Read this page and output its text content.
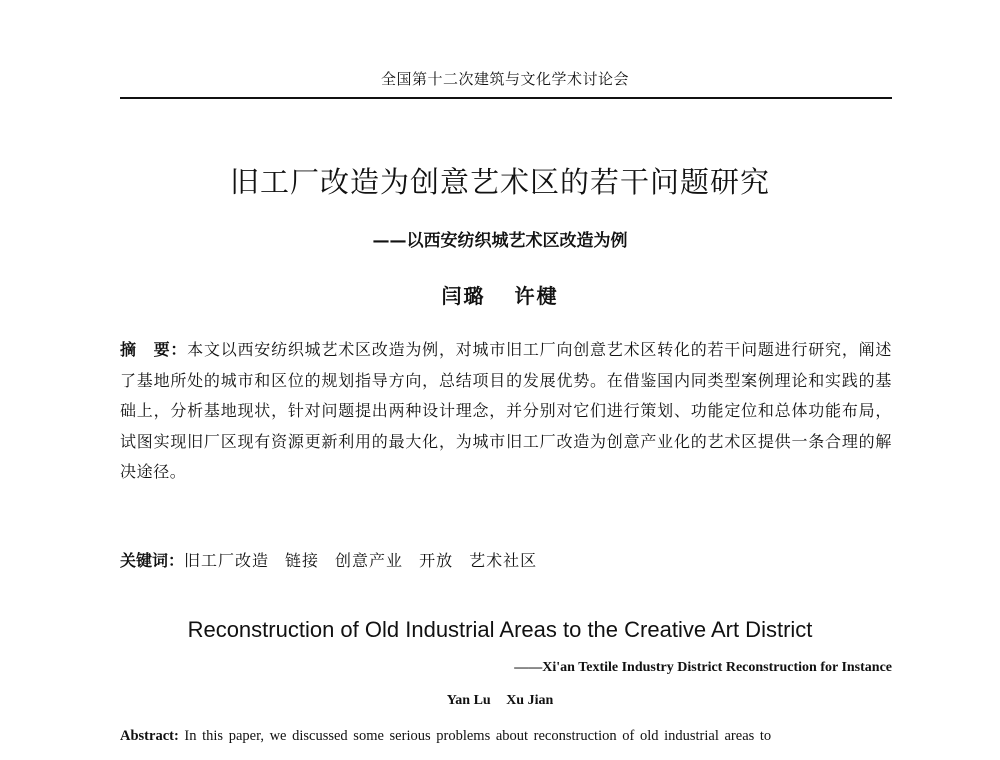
全国第十二次建筑与文化学术讨论会
旧工厂改造为创意艺术区的若干问题研究
——以西安纺织城艺术区改造为例
闫璐 许楗
摘　要：本文以西安纺织城艺术区改造为例，对城市旧工厂向创意艺术区转化的若干问题进行研究，阐述了基地所处的城市和区位的规划指导方向，总结项目的发展优势。在借鉴国内同类型案例理论和实践的基础上，分析基地现状，针对问题提出两种设计理念，并分别对它们进行策划、功能定位和总体功能布局，试图实现旧厂区现有资源更新利用的最大化，为城市旧工厂改造为创意产业化的艺术区提供一条合理的解决途径。
关键词：旧工厂改造 链接 创意产业 开放 艺术社区
Reconstruction of Old Industrial Areas to the Creative Art District
——Xi'an Textile Industry District Reconstruction for Instance
Yan Lu Xu Jian
Abstract: In this paper, we discussed some serious problems about reconstruction of old industrial areas to
